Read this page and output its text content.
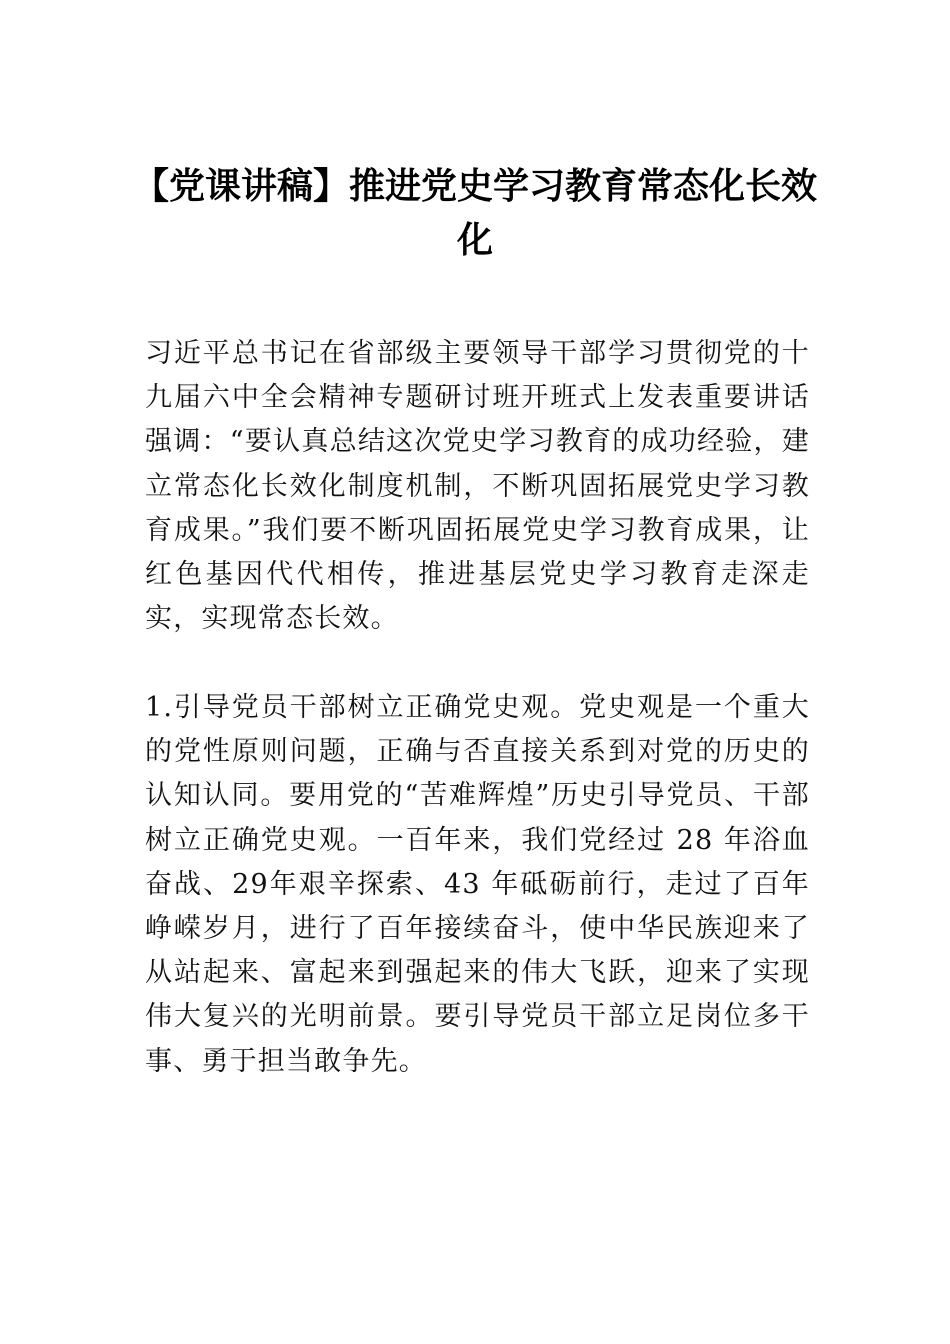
【党课讲稿】推进党史学习教育常态化长效化

习近平总书记在省部级主要领导干部学习贯彻党的十九届六中全会精神专题研讨班开班式上发表重要讲话强调：“要认真总结这次党史学习教育的成功经验，建立常态化长效化制度机制，不断巩固拓展党史学习教育成果。”我们要不断巩固拓展党史学习教育成果，让红色基因代代相传，推进基层党史学习教育走深走实，实现常态长效。

1.引导党员干部树立正确党史观。党史观是一个重大的党性原则问题，正确与否直接关系到对党的历史的认知认同。要用党的“苦难辉煌”历史引导党员、干部树立正确党史观。一百年来，我们党经过 28 年浴血奋战、29年艰辛探索、43 年砥砺前行，走过了百年峥嵘岁月，进行了百年接续奋斗，使中华民族迎来了从站起来、富起来到强起来的伟大飞跃，迎来了实现伟大复兴的光明前景。要引导党员干部立足岗位多干事、勇于担当敢争先。
